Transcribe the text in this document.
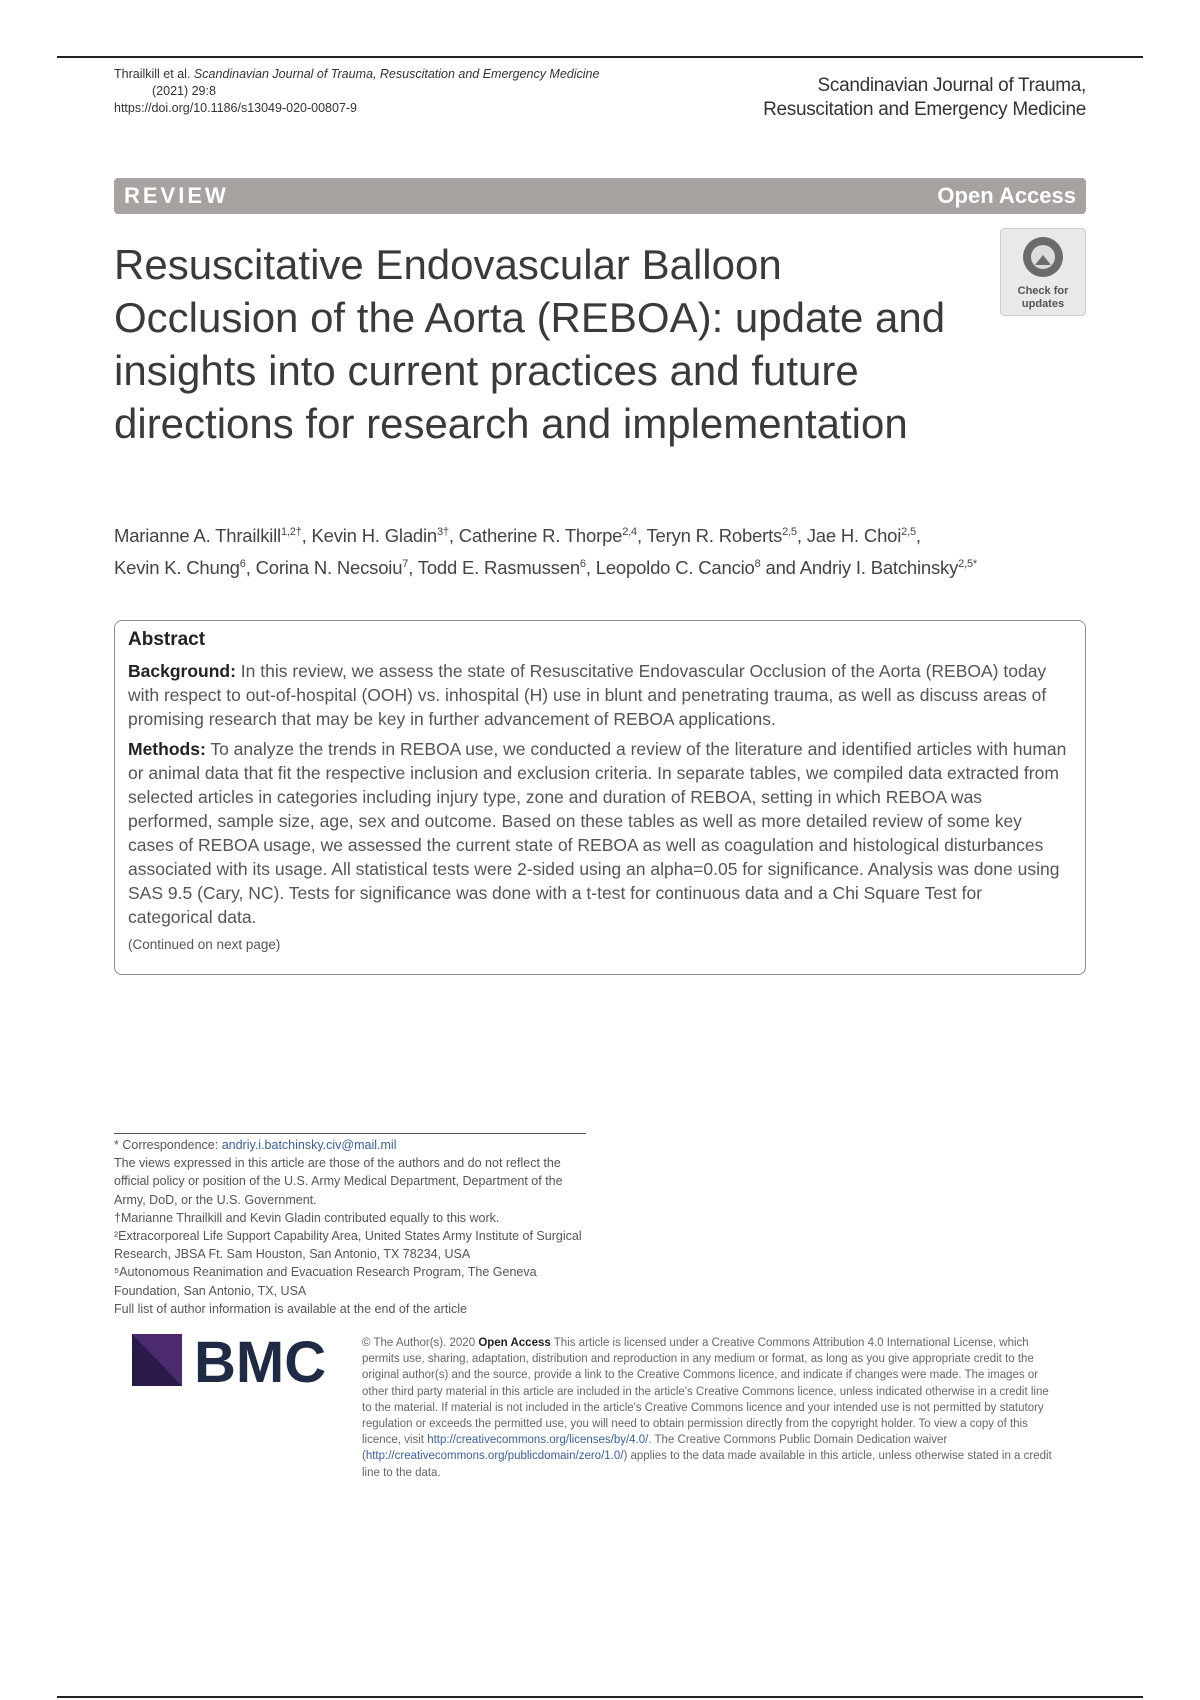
Thrailkill et al. Scandinavian Journal of Trauma, Resuscitation and Emergency Medicine
(2021) 29:8
https://doi.org/10.1186/s13049-020-00807-9
Scandinavian Journal of Trauma,
Resuscitation and Emergency Medicine
REVIEW	Open Access
Resuscitative Endovascular Balloon Occlusion of the Aorta (REBOA): update and insights into current practices and future directions for research and implementation
Check for
updates
Marianne A. Thrailkill$^{1,2\dagger}$, Kevin H. Gladin$^{3\dagger}$, Catherine R. Thorpe$^{2,4}$, Teryn R. Roberts$^{2,5}$, Jae H. Choi$^{2,5}$,
Kevin K. Chung$^6$, Corina N. Necsoiu$^7$, Todd E. Rasmussen$^6$, Leopoldo C. Cancio$^8$ and Andriy I. Batchinsky$^{2,5*}$
Abstract

Background: In this review, we assess the state of Resuscitative Endovascular Occlusion of the Aorta (REBOA) today with respect to out-of-hospital (OOH) vs. inhospital (H) use in blunt and penetrating trauma, as well as discuss areas of promising research that may be key in further advancement of REBOA applications.

Methods: To analyze the trends in REBOA use, we conducted a review of the literature and identified articles with human or animal data that fit the respective inclusion and exclusion criteria. In separate tables, we compiled data extracted from selected articles in categories including injury type, zone and duration of REBOA, setting in which REBOA was performed, sample size, age, sex and outcome. Based on these tables as well as more detailed review of some key cases of REBOA usage, we assessed the current state of REBOA as well as coagulation and histological disturbances associated with its usage. All statistical tests were 2-sided using an alpha=0.05 for significance. Analysis was done using SAS 9.5 (Cary, NC). Tests for significance was done with a t-test for continuous data and a Chi Square Test for categorical data.

(Continued on next page)

* Correspondence: andriy.i.batchinsky.civ@mail.mil

The views expressed in this article are those of the authors and do not reflect the official policy or position of the U.S. Army Medical Department, Department of the Army, DoD, or the U.S. Government.

†Marianne Thrailkill and Kevin Gladin contributed equally to this work.

²Extracorporeal Life Support Capability Area, United States Army Institute of Surgical Research, JBSA Ft. Sam Houston, San Antonio, TX 78234, USA

⁵Autonomous Reanimation and Evacuation Research Program, The Geneva Foundation, San Antonio, TX, USA

Full list of author information is available at the end of the article

BMC	© The Author(s). 2020 Open Access This article is licensed under a Creative Commons Attribution 4.0 International License, which permits use, sharing, adaptation, distribution and reproduction in any medium or format, as long as you give appropriate credit to the original author(s) and the source, provide a link to the Creative Commons licence, and indicate if changes were made. The images or other third party material in this article are included in the article's Creative Commons licence, unless indicated otherwise in a credit line to the material. If material is not included in the article's Creative Commons licence and your intended use is not permitted by statutory regulation or exceeds the permitted use, you will need to obtain permission directly from the copyright holder. To view a copy of this licence, visit http://creativecommons.org/licenses/by/4.0/. The Creative Commons Public Domain Dedication waiver (http://creativecommons.org/publicdomain/zero/1.0/) applies to the data made available in this article, unless otherwise stated in a credit line to the data.
